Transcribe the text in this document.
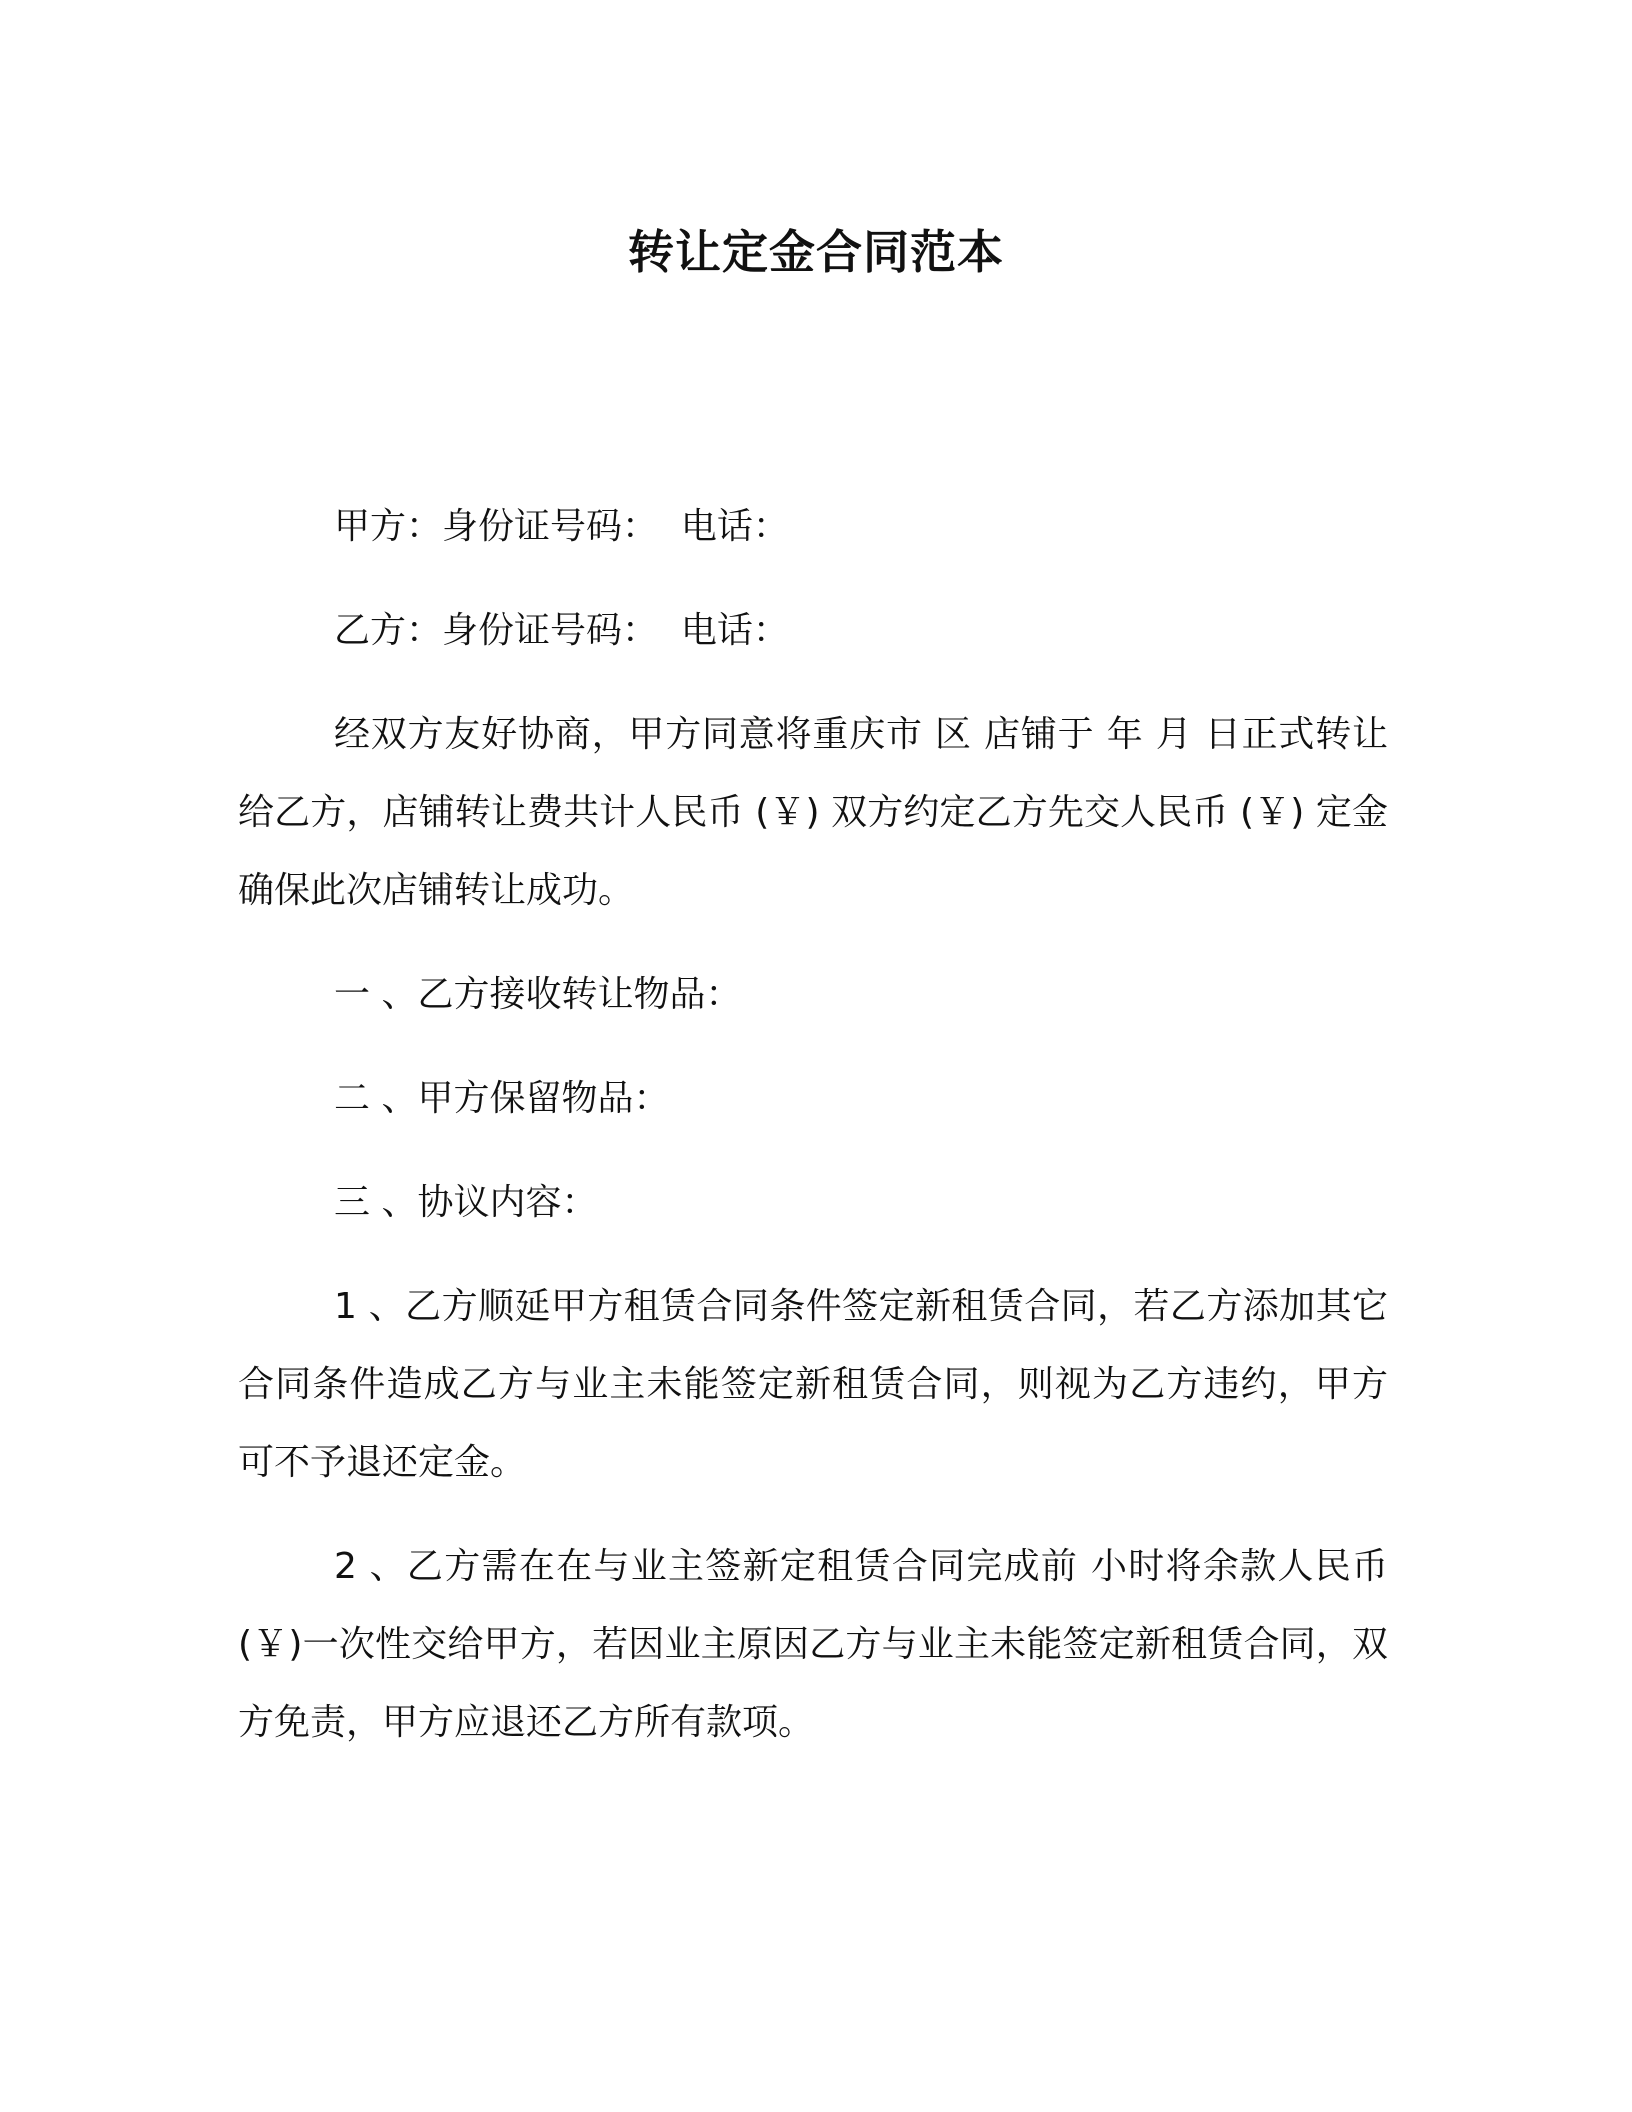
转让定金合同范本

甲方：身份证号码：  电话：

乙方：身份证号码：  电话：

经双方友好协商，甲方同意将重庆市 区 店铺于 年 月 日正式转让给乙方，店铺转让费共计人民币 (￥) 双方约定乙方先交人民币 (￥) 定金确保此次店铺转让成功。

一 、乙方接收转让物品：

二 、甲方保留物品：

三 、协议内容：

1 、乙方顺延甲方租赁合同条件签定新租赁合同，若乙方添加其它合同条件造成乙方与业主未能签定新租赁合同，则视为乙方违约，甲方可不予退还定金。

2 、乙方需在在与业主签新定租赁合同完成前 小时将余款人民币(￥)一次性交给甲方，若因业主原因乙方与业主未能签定新租赁合同，双方免责，甲方应退还乙方所有款项。
